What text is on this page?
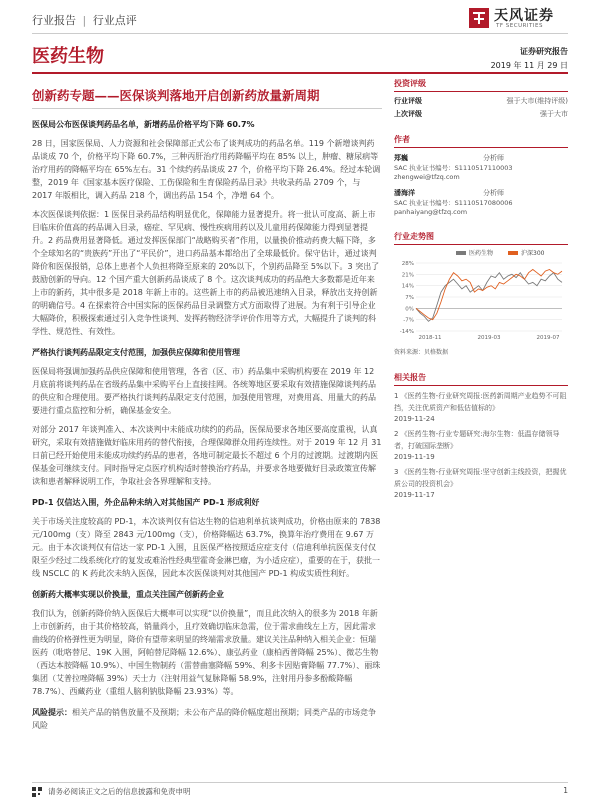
行业报告 | 行业点评	天风证券
TF SECURITIES
医药生物	证券研究报告
2019 年 11 月 29 日
创新药专题——医保谈判落地开启创新药放量新周期
医保局公布医保谈判药品名单，新增药品价格平均下降 60.7%
28 日，国家医保局、人力资源和社会保障部正式公布了谈判成功的药品名单。119 个新增谈判药品谈成 70 个，价格平均下降 60.7%，三种丙肝治疗用药降幅平均在 85% 以上，肿瘤、糖尿病等治疗用药的降幅平均在 65%左右。31 个续约药品谈成 27 个，价格平均下降 26.4%。经过本轮调整，2019 年《国家基本医疗保险、工伤保险和生育保险药品目录》共收录药品 2709 个，与 2017 年版相比，调入药品 218 个，调出药品 154 个，净增 64 个。
本次医保谈判依据：1 医保目录药品结构明显优化，保障能力显著提升。将一批认可度高、新上市目临床价值高的药品调入目录，癌症、罕见病、慢性疾病用药以及儿童用药保障能力得到显著提升。2 药品费用显著降低。通过发挥医保部门“战略购买者”作用，以量换价推动药费大幅下降，多个全球知名的“贵族药”开出了“平民价”，进口药品基本都给出了全球最低价。保守估计，通过谈判降价和医保报销，总体上患者个人负担将降至原来的 20%以下，个别药品降至 5%以下。3 突出了鼓励创新的导向。12 个国产重大创新药品谈成了 8 个。这次谈判成功的药品绝大多数都是近年来上市的新药，其中很多是 2018 年新上市的。这些新上市的药品被迅速纳入目录，释放出支持创新的明确信号。4 在探索符合中国实际的医保药品目录调整方式方面取得了进展。为有利于引导企业大幅降价，积极探索通过引入竞争性谈判、发挥药物经济学评价作用等方式，大幅提升了谈判的科学性、规范性、有效性。
严格执行谈判药品限定支付范围，加强供应保障和使用管理
医保局将强调加强药品供应保障和使用管理，各省（区、市）药品集中采购机构要在 2019 年 12 月底前将谈判药品在省级药品集中采购平台上直接挂网。各统筹地区要采取有效措施保障谈判药品的供应和合理使用。要严格执行谈判药品限定支付范围，加强使用管理，对费用高、用量大的药品要进行重点监控和分析，确保基金安全。
对部分 2017 年谈判准入、本次谈判中未能成功续约的药品，医保局要求各地区要高度重视，认真研究，采取有效措施做好临床用药的替代衔接，合理保障群众用药连续性。对于 2019 年 12 月 31 日前已经开始使用未能成功续约药品的患者，各地可制定最长不超过 6 个月的过渡期。过渡期内医保基金可继续支付。同时指导定点医疗机构适时替换治疗药品，并要求各地要做好目录政策宣传解读和患者解释说明工作，争取社会各界理解和支持。
PD-1 仅信达入围，外企品种未纳入对其他国产 PD-1 形成利好
关于市场关注度较高的 PD-1，本次谈判仅有信达生物的信迪利单抗谈判成功，价格由原来的 7838 元/100mg（支）降至 2843 元/100mg（支），价格降幅达 63.7%，换算年治疗费用在 9.67 万元。由于本次谈判仅有信达一家 PD-1 入围，且医保严格按照适应症支付（信迪利单抗医保支付仅限至少经过二线系统化疗的复发或难治性经典型霍奇金淋巴瘤，为小适应症），重要的在于，获批一线 NSCLC 的 K 药此次未纳入医保，因此本次医保谈判对其他国产 PD-1 构成实质性利好。
创新药大概率实现以价换量，重点关注国产创新药企业
我们认为，创新药降价纳入医保后大概率可以实现“以价换量”，而且此次纳入的很多为 2018 年新上市创新药，由于其价格较高，销量尚小，且疗效确切临床急需，位于需求曲线左上方，因此需求曲线的价格弹性更为明显，降价有望带来明显的终端需求放量。建议关注品种纳入相关企业：恒瑞医药（吡咯替尼、19K 入围，阿帕替尼降幅 12.6%）、康弘药业（康柏西普降幅 25%）、微芯生物（西达本胺降幅 10.9%）、中国生物制药（雷替曲塞降幅 59%、利多卡因贴膏降幅 77.7%）、丽珠集团（艾普拉唑降幅 39%）天士力（注射用益气复脉降幅 58.9%，注射用丹参多酚酸降幅 78.7%）、西藏药业（重组人脑利钠肽降幅 23.93%）等。
风险提示：相关产品的销售放量不及预期；未公布产品的降价幅度超出预期；同类产品的市场竞争风险
投资评级
行业评级	强于大市(维持评级)
上次评级	强于大市
作者
郑巍	分析师
SAC 执业证书编号：S1110517110003
zhengwei@tfzq.com
潘海洋	分析师
SAC 执业证书编号：S1110517080006
panhaiyang@tfzq.com
行业走势图
28%
21%
14%
7%
0%
-7%
-14%
2018-11	2019-03	2019-07
医药生物	沪深300
资料来源：贝格数据
相关报告
1 《医药生物-行业研究周报:医药新周期产业趋势不可阻挡，关注优质资产和低估值标的》
2019-11-24
2 《医药生物-行业专题研究:海尔生物：低温存储领导者，打破国际垄断》
2019-11-19
3 《医药生物-行业研究周报:坚守创新主线投资，把握优质公司的投资机会》
2019-11-17
请务必阅读正文之后的信息披露和免责申明	1
